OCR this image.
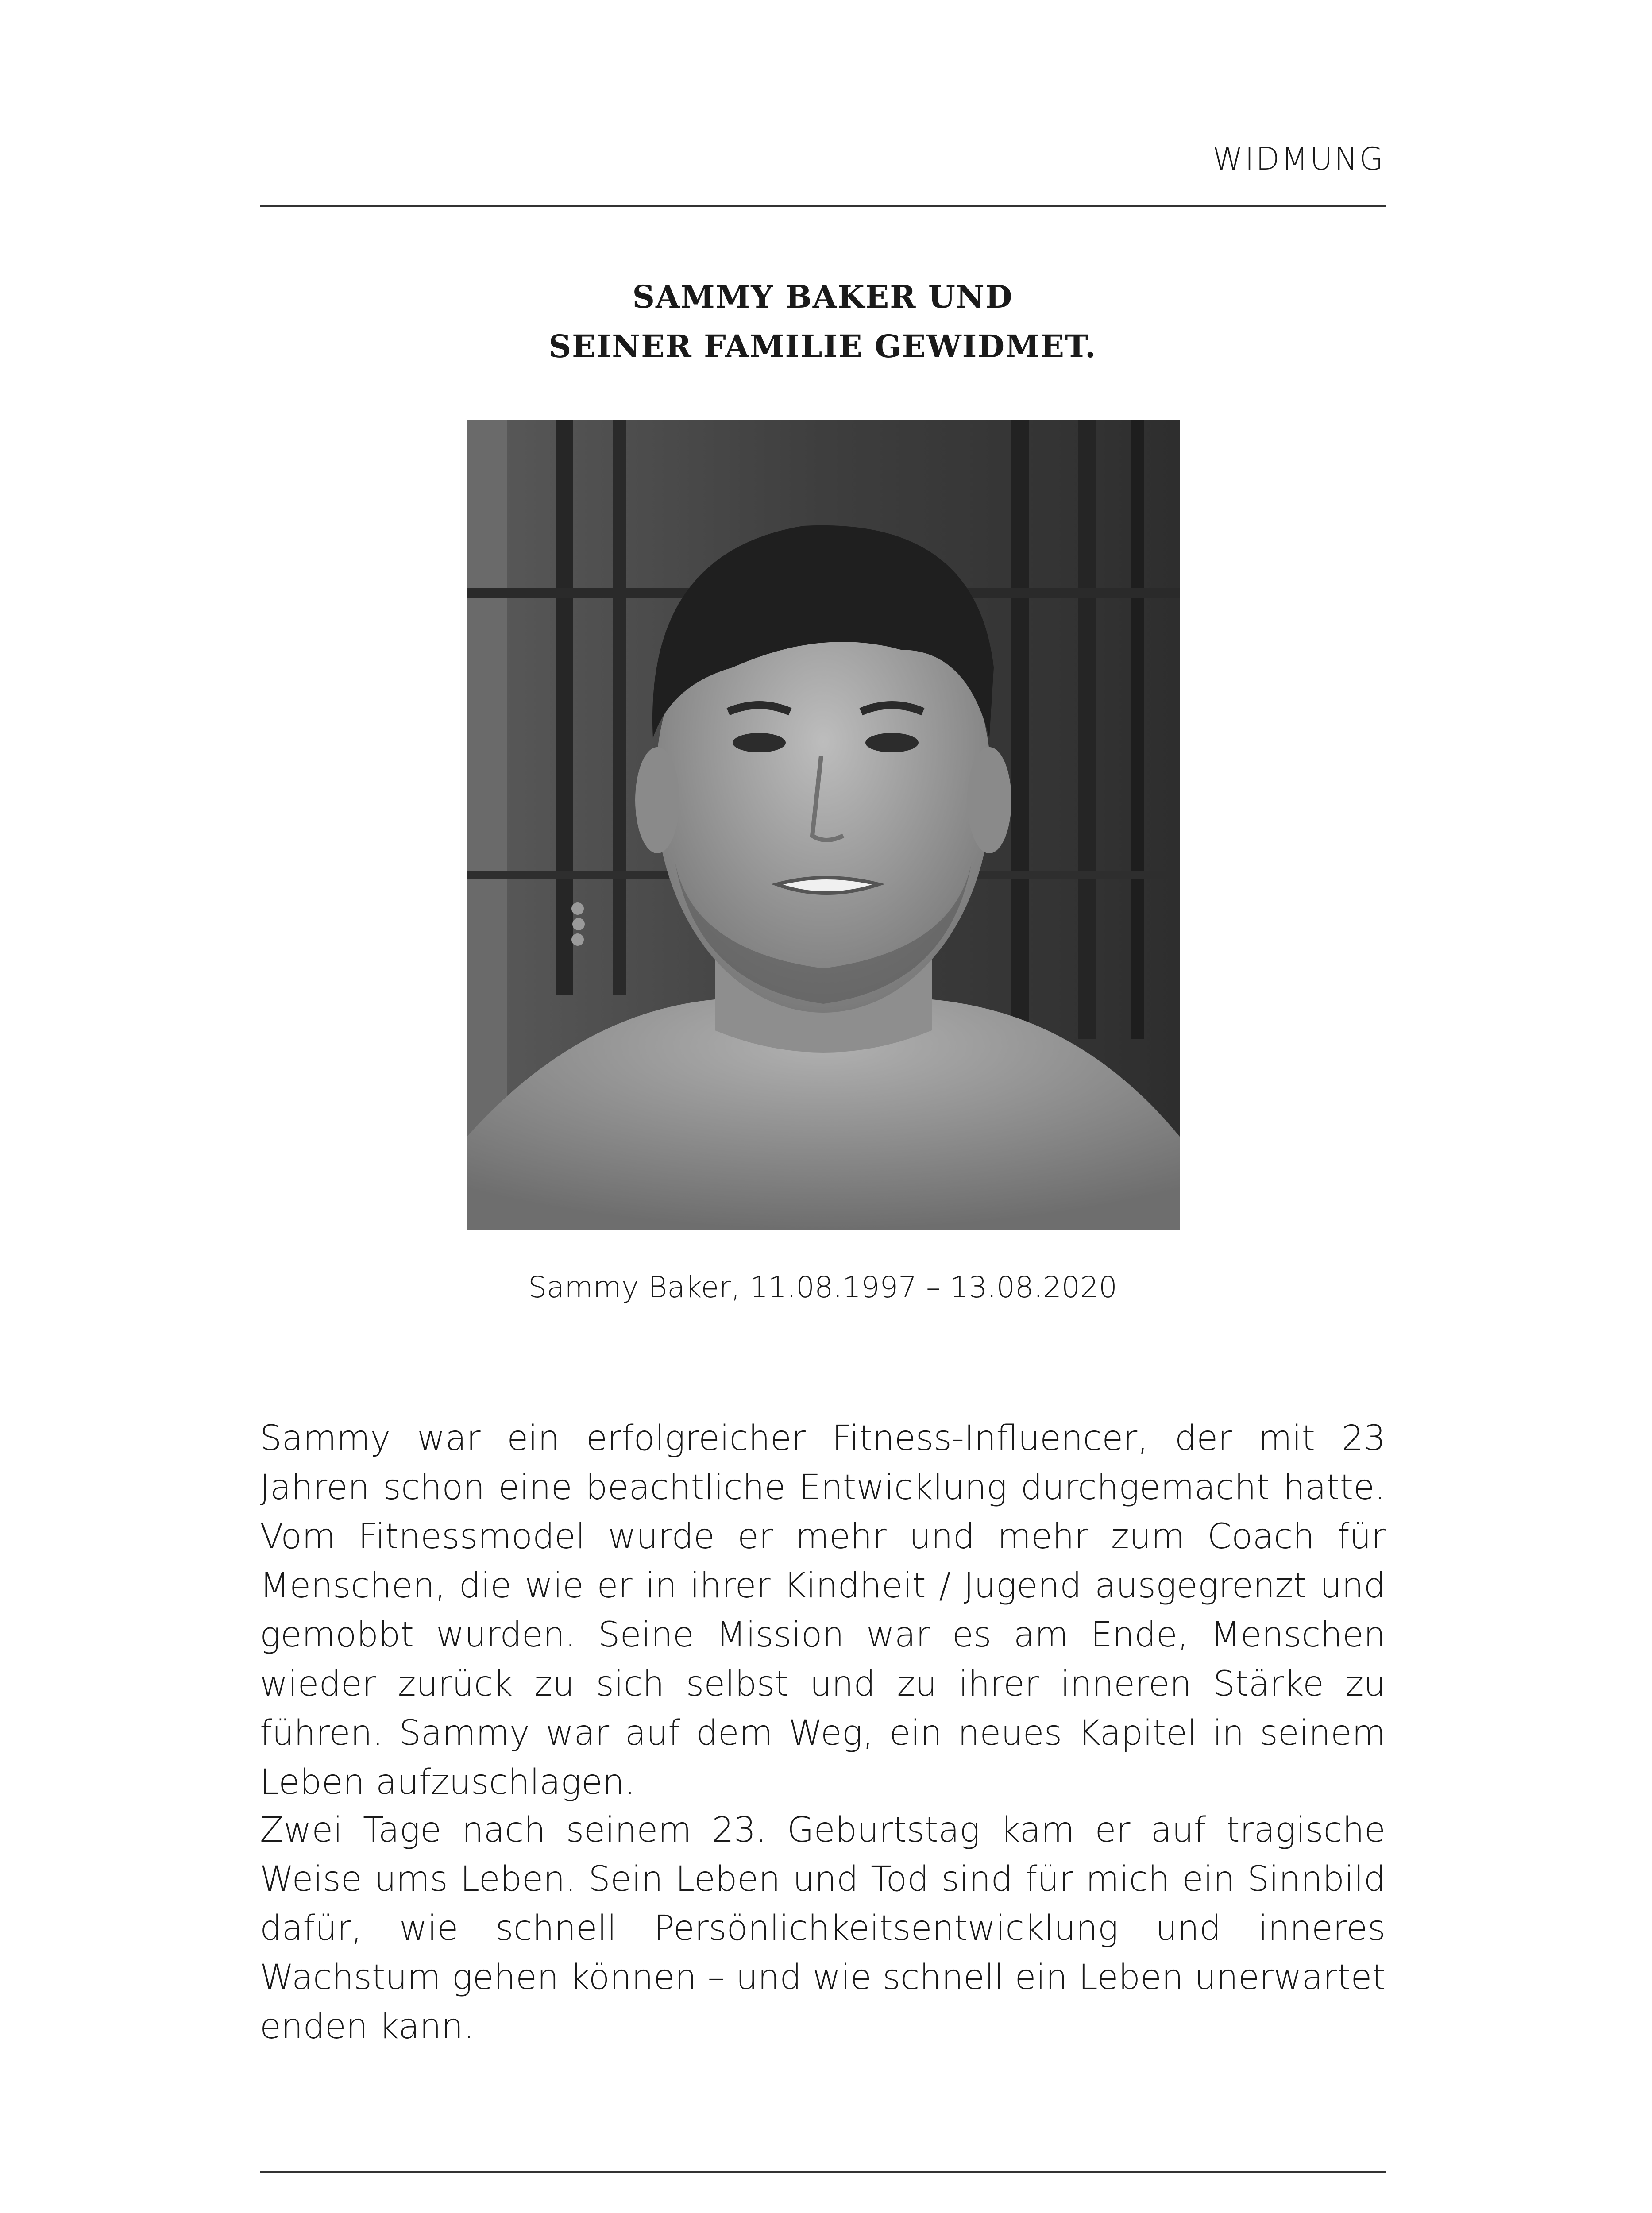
WIDMUNG
SAMMY BAKER UND
SEINER FAMILIE GEWIDMET.
Sammy Baker, 11.08.1997 – 13.08.2020

Sammy war ein erfolgreicher Fitness-Influencer, der mit 23 Jahren schon eine beachtliche Entwicklung durchgemacht hatte. Vom Fitnessmodel wurde er mehr und mehr zum Coach für Menschen, die wie er in ihrer Kindheit / Jugend ausgegrenzt und gemobbt wurden. Seine Mission war es am Ende, Menschen wieder zurück zu sich selbst und zu ihrer inneren Stärke zu führen. Sammy war auf dem Weg, ein neues Kapitel in seinem Leben aufzuschlagen.

Zwei Tage nach seinem 23. Geburtstag kam er auf tragische Weise ums Leben. Sein Leben und Tod sind für mich ein Sinnbild dafür, wie schnell Persönlichkeitsentwicklung und inneres Wachstum gehen können – und wie schnell ein Leben unerwartet enden kann.
